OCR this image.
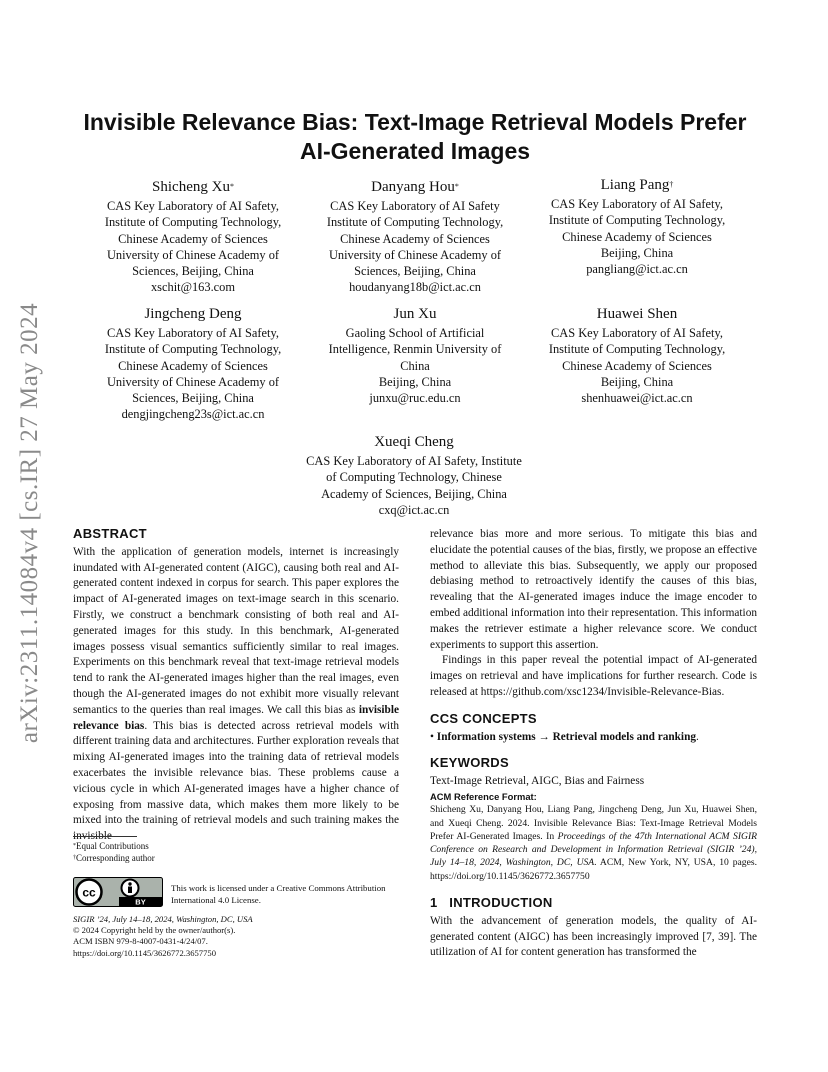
arXiv:2311.14084v4 [cs.IR] 27 May 2024
Invisible Relevance Bias: Text-Image Retrieval Models Prefer
AI-Generated Images
Shicheng Xu*
CAS Key Laboratory of AI Safety,
Institute of Computing Technology,
Chinese Academy of Sciences
University of Chinese Academy of
Sciences, Beijing, China
xschit@163.com
Danyang Hou*
CAS Key Laboratory of AI Safety
Institute of Computing Technology,
Chinese Academy of Sciences
University of Chinese Academy of
Sciences, Beijing, China
houdanyang18b@ict.ac.cn
Liang Pang†
CAS Key Laboratory of AI Safety,
Institute of Computing Technology,
Chinese Academy of Sciences
Beijing, China
pangliang@ict.ac.cn
Jingcheng Deng
CAS Key Laboratory of AI Safety,
Institute of Computing Technology,
Chinese Academy of Sciences
University of Chinese Academy of
Sciences, Beijing, China
dengjingcheng23s@ict.ac.cn
Jun Xu
Gaoling School of Artificial
Intelligence, Renmin University of
China
Beijing, China
junxu@ruc.edu.cn
Huawei Shen
CAS Key Laboratory of AI Safety,
Institute of Computing Technology,
Chinese Academy of Sciences
Beijing, China
shenhuawei@ict.ac.cn
Xueqi Cheng
CAS Key Laboratory of AI Safety, Institute
of Computing Technology, Chinese
Academy of Sciences, Beijing, China
cxq@ict.ac.cn
ABSTRACT
With the application of generation models, internet is increasingly inundated with AI-generated content (AIGC), causing both real and AI-generated content indexed in corpus for search. This paper explores the impact of AI-generated images on text-image search in this scenario. Firstly, we construct a benchmark consisting of both real and AI-generated images for this study. In this benchmark, AI-generated images possess visual semantics sufficiently similar to real images. Experiments on this benchmark reveal that text-image retrieval models tend to rank the AI-generated images higher than the real images, even though the AI-generated images do not exhibit more visually relevant semantics to the queries than real images. We call this bias as invisible relevance bias. This bias is detected across retrieval models with different training data and architectures. Further exploration reveals that mixing AI-generated images into the training data of retrieval models exacerbates the invisible relevance bias. These problems cause a vicious cycle in which AI-generated images have a higher chance of exposing from massive data, which makes them more likely to be mixed into the training of retrieval models and such training makes the invisible
relevance bias more and more serious. To mitigate this bias and elucidate the potential causes of the bias, firstly, we propose an effective method to alleviate this bias. Subsequently, we apply our proposed debiasing method to retroactively identify the causes of this bias, revealing that the AI-generated images induce the image encoder to embed additional information into their representation. This information makes the retriever estimate a higher relevance score. We conduct experiments to support this assertion.
Findings in this paper reveal the potential impact of AI-generated images on retrieval and have implications for further research. Code is released at https://github.com/xsc1234/Invisible-Relevance-Bias.
CCS CONCEPTS
• Information systems → Retrieval models and ranking.
KEYWORDS
Text-Image Retrieval, AIGC, Bias and Fairness
ACM Reference Format:
Shicheng Xu, Danyang Hou, Liang Pang, Jingcheng Deng, Jun Xu, Huawei Shen, and Xueqi Cheng. 2024. Invisible Relevance Bias: Text-Image Retrieval Models Prefer AI-Generated Images. In Proceedings of the 47th International ACM SIGIR Conference on Research and Development in Information Retrieval (SIGIR ’24), July 14–18, 2024, Washington, DC, USA. ACM, New York, NY, USA, 10 pages. https://doi.org/10.1145/3626772.3657750
1 INTRODUCTION
With the advancement of generation models, the quality of AI-generated content (AIGC) has been increasingly improved [7, 39]. The utilization of AI for content generation has transformed the
*Equal Contributions
†Corresponding author
cc
BY
This work is licensed under a Creative Commons Attribution International 4.0 License.
SIGIR ’24, July 14–18, 2024, Washington, DC, USA
© 2024 Copyright held by the owner/author(s).
ACM ISBN 979-8-4007-0431-4/24/07.
https://doi.org/10.1145/3626772.3657750
